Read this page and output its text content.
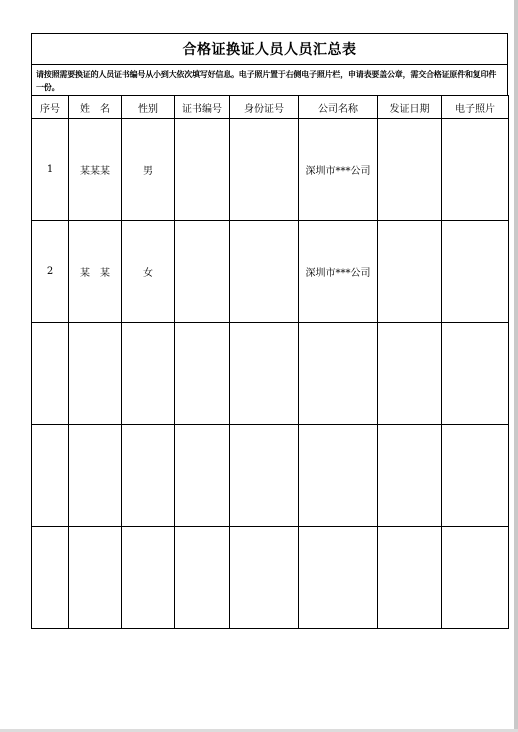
合格证换证人员人员汇总表
请按照需要换证的人员证书编号从小到大依次填写好信息。电子照片置于右侧电子照片栏，申请表要盖公章，需交合格证原件和复印件一份。
序号	姓　名	性别	证书编号	身份证号	公司名称	发证日期	电子照片
1	某某某	男			深圳市***公司		
2	某　某	女			深圳市***公司		
